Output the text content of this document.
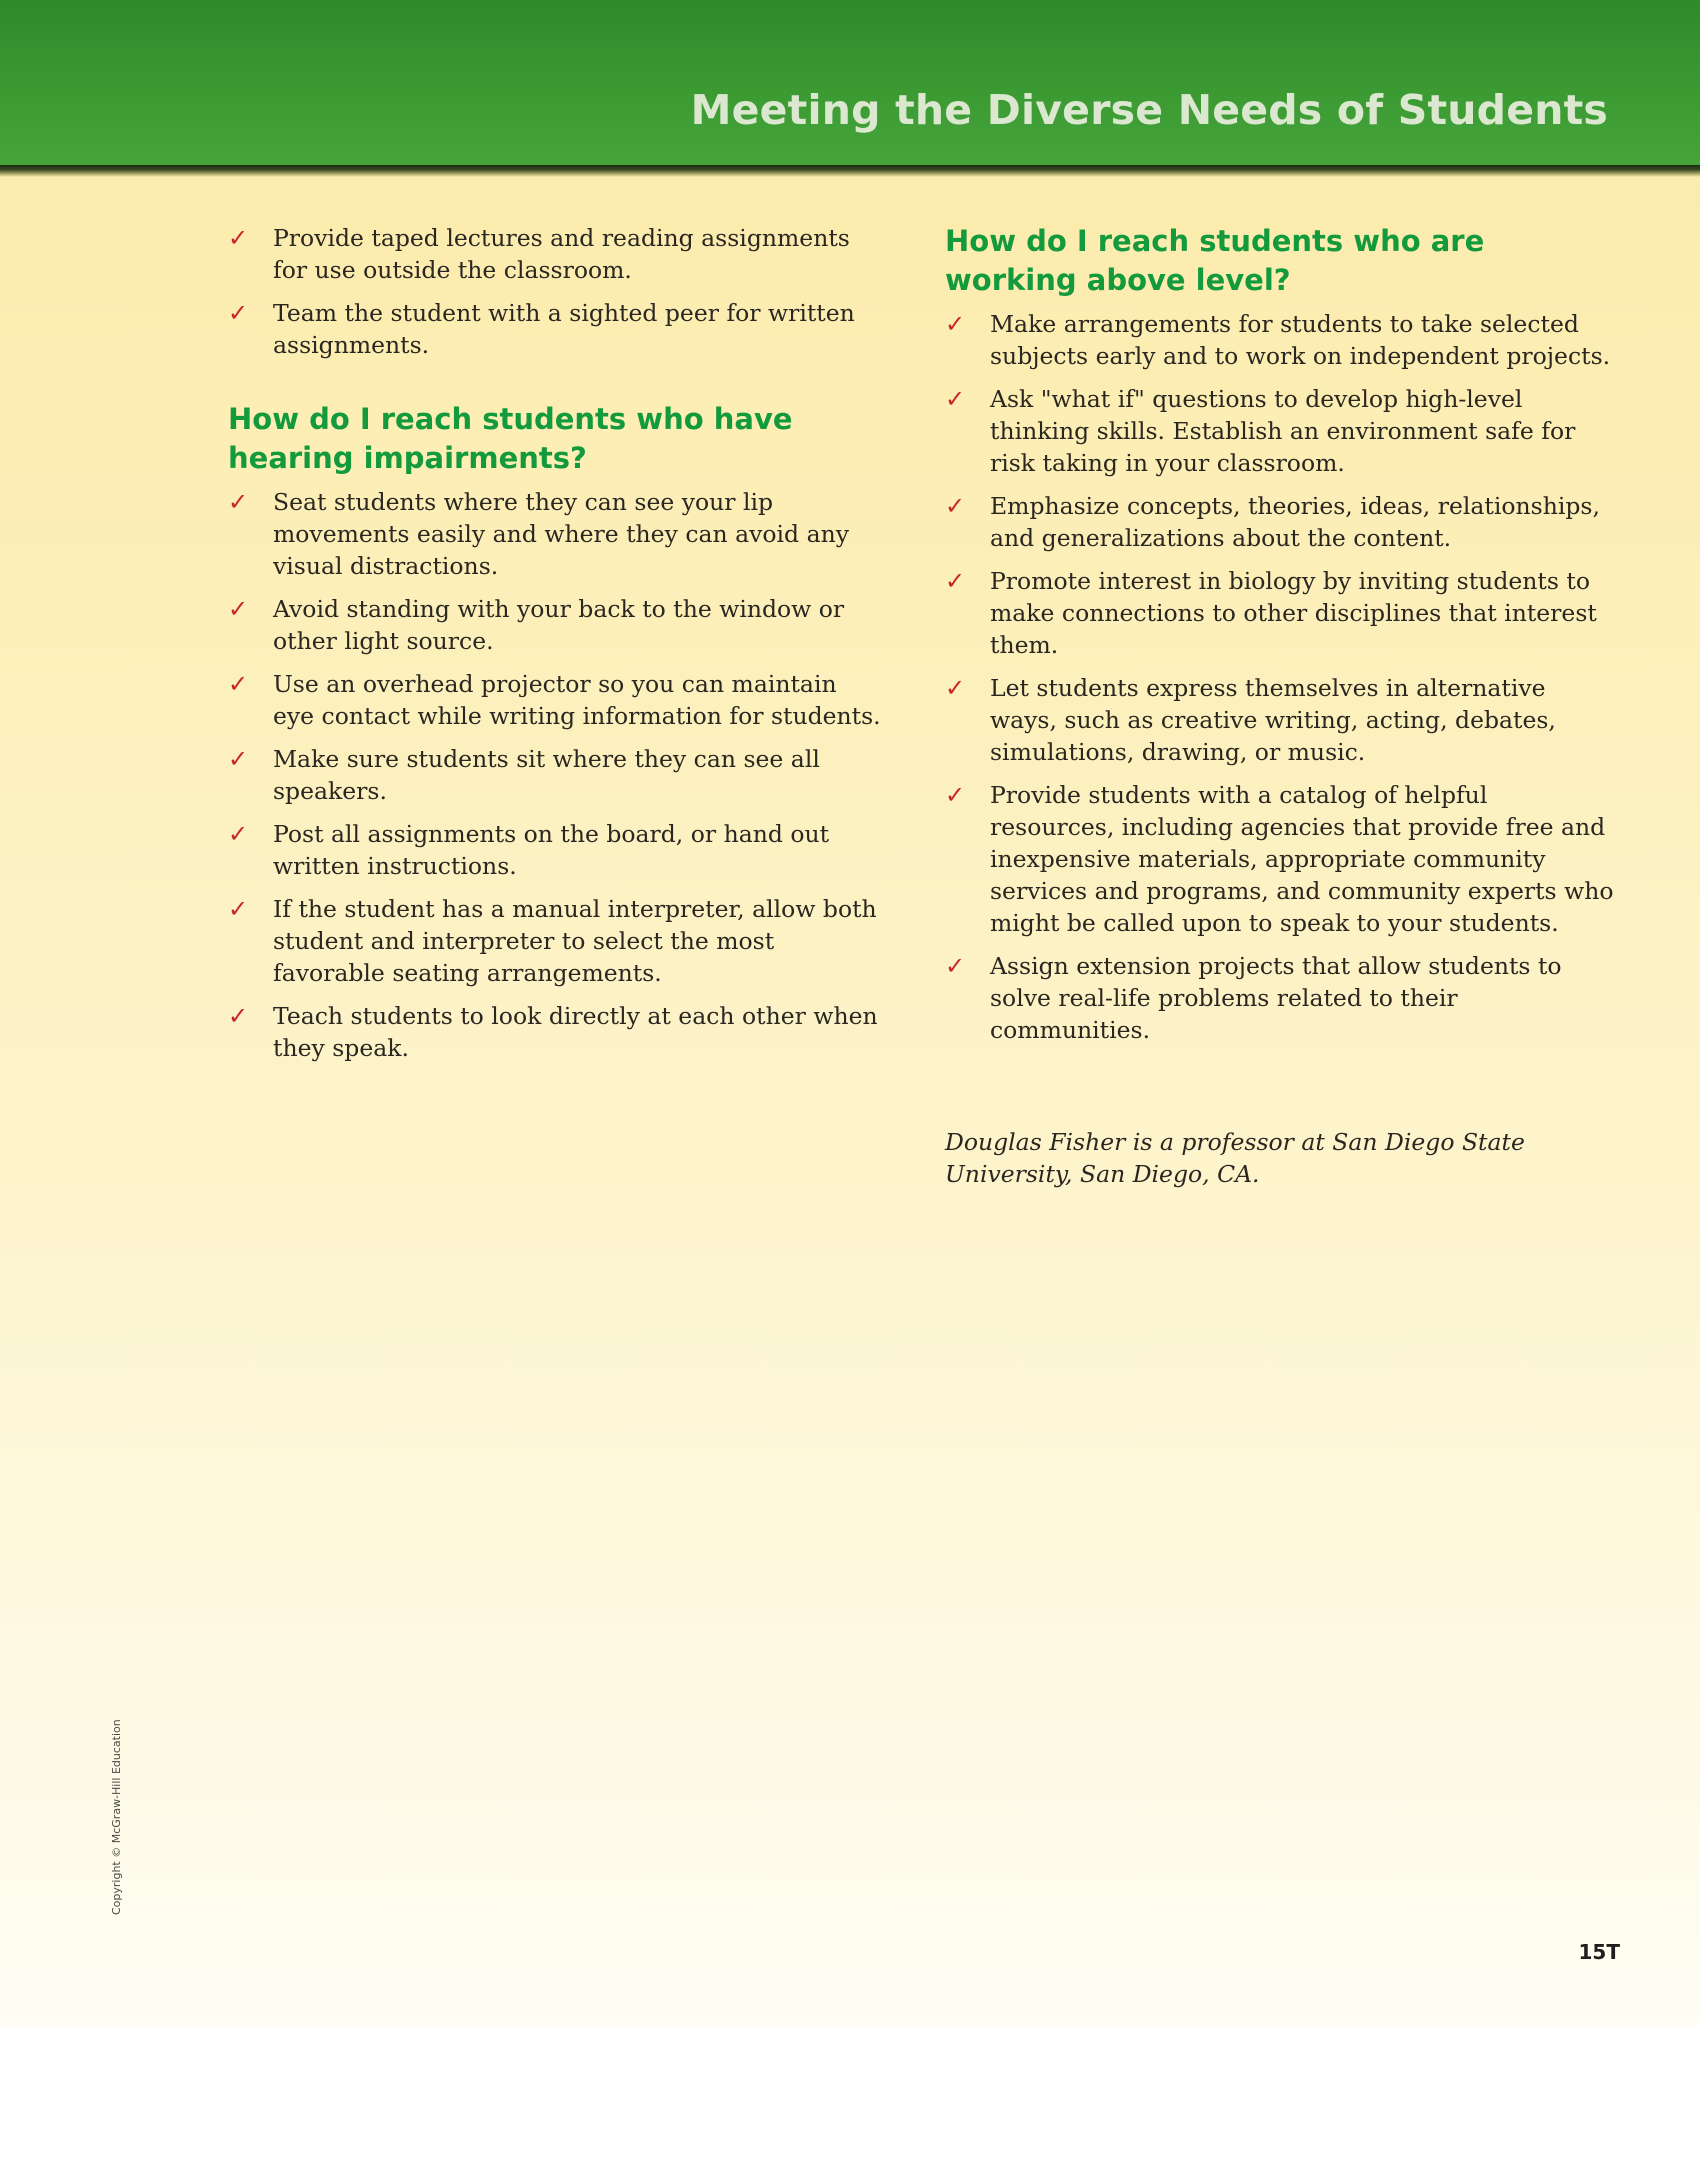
Meeting the Diverse Needs of Students
✓ Provide taped lectures and reading assignments for use outside the classroom.
✓ Team the student with a sighted peer for written assignments.
How do I reach students who have hearing impairments?
✓ Seat students where they can see your lip movements easily and where they can avoid any visual distractions.
✓ Avoid standing with your back to the window or other light source.
✓ Use an overhead projector so you can maintain eye contact while writing information for students.
✓ Make sure students sit where they can see all speakers.
✓ Post all assignments on the board, or hand out written instructions.
✓ If the student has a manual interpreter, allow both student and interpreter to select the most favorable seating arrangements.
✓ Teach students to look directly at each other when they speak.
How do I reach students who are working above level?
✓ Make arrangements for students to take selected subjects early and to work on independent projects.
✓ Ask "what if" questions to develop high-level thinking skills. Establish an environment safe for risk taking in your classroom.
✓ Emphasize concepts, theories, ideas, relationships, and generalizations about the content.
✓ Promote interest in biology by inviting students to make connections to other disciplines that interest them.
✓ Let students express themselves in alternative ways, such as creative writing, acting, debates, simulations, drawing, or music.
✓ Provide students with a catalog of helpful resources, including agencies that provide free and inexpensive materials, appropriate community services and programs, and community experts who might be called upon to speak to your students.
✓ Assign extension projects that allow students to solve real-life problems related to their communities.
Douglas Fisher is a professor at San Diego State University, San Diego, CA.
Copyright © McGraw-Hill Education
15T
